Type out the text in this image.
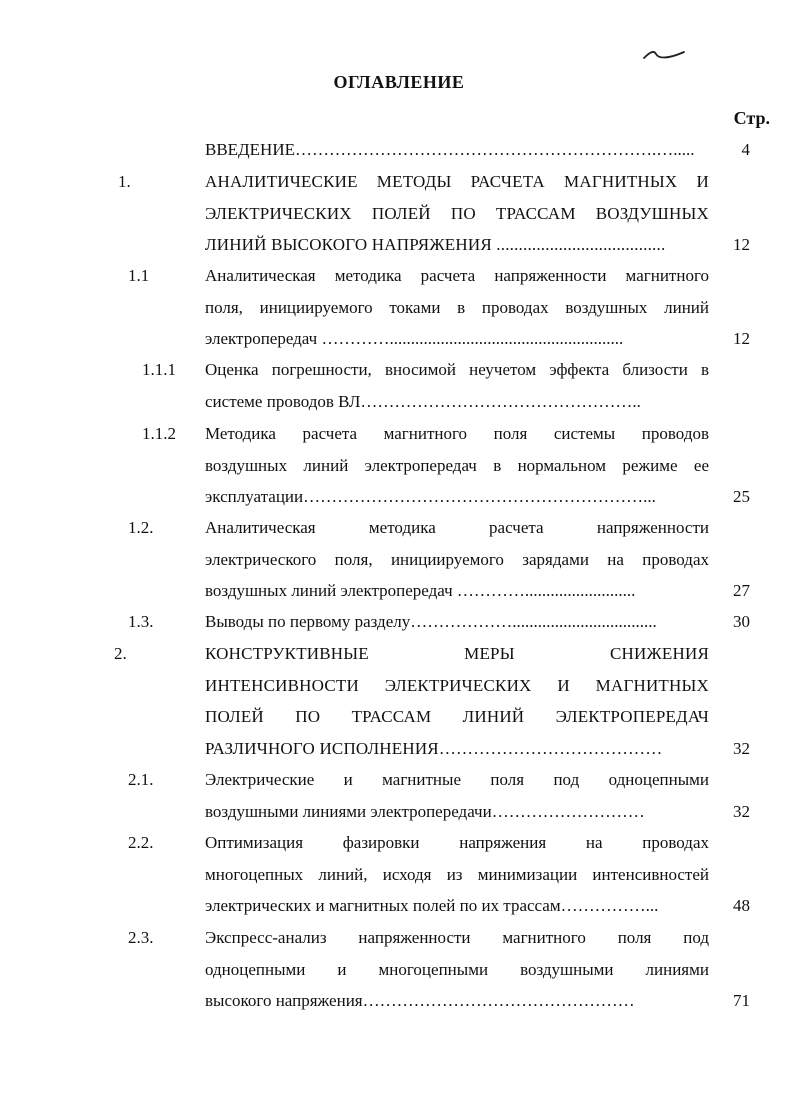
ОГЛАВЛЕНИЕ
Стр.
ВВЕДЕНИЕ……………………………………………………….….....	4
1.	АНАЛИТИЧЕСКИЕ МЕТОДЫ РАСЧЕТА МАГНИТНЫХ И
ЭЛЕКТРИЧЕСКИХ ПОЛЕЙ ПО ТРАССАМ ВОЗДУШНЫХ
ЛИНИЙ ВЫСОКОГО НАПРЯЖЕНИЯ ......................................	12
1.1	Аналитическая методика расчета напряженности магнитного
поля, инициируемого токами в проводах воздушных линий
электропередач ………….......................................................	12
1.1.1 Оценка погрешности, вносимой неучетом эффекта близости в
системе проводов ВЛ…………………………………………..
1.1.2 Методика расчета магнитного поля системы проводов
воздушных линий электропередач в нормальном режиме ее
эксплуатации……………………………………………………...	25
1.2.	Аналитическая методика расчета напряженности
электрического поля, инициируемого зарядами на проводах
воздушных линий электропередач …………..........................	27
1.3.	Выводы по первому разделу………………..................................	30
2.	КОНСТРУКТИВНЫЕ МЕРЫ СНИЖЕНИЯ
ИНТЕНСИВНОСТИ ЭЛЕКТРИЧЕСКИХ И МАГНИТНЫХ
ПОЛЕЙ ПО ТРАССАМ ЛИНИЙ ЭЛЕКТРОПЕРЕДАЧ
РАЗЛИЧНОГО ИСПОЛНЕНИЯ…………………………………	32
2.1.	Электрические и магнитные поля под одноцепными
воздушными линиями электропередачи………………………	32
2.2.	Оптимизация фазировки напряжения на проводах
многоцепных линий, исходя из минимизации интенсивностей
электрических и магнитных полей по их трассам……………...	48
2.3.	Экспресс-анализ напряженности магнитного поля под
одноцепными и многоцепными воздушными линиями
высокого напряжения…………………………………………	71
